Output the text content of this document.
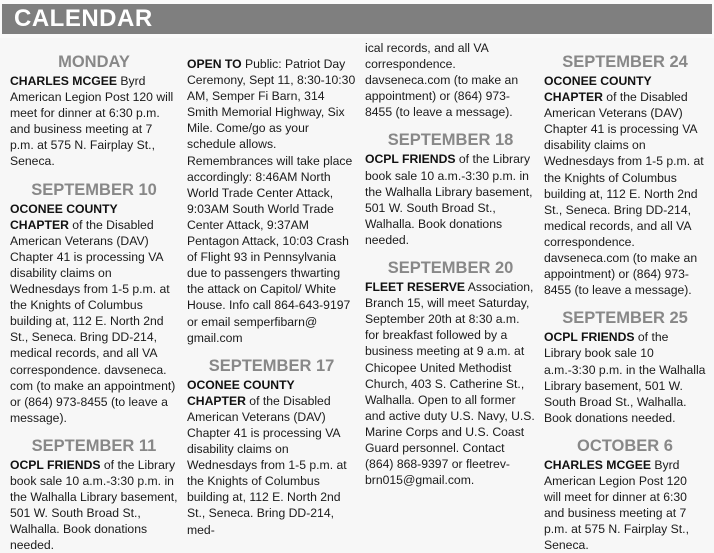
CALENDAR
MONDAY

CHARLES MCGEE Byrd American Legion Post 120 will meet for dinner at 6:30 p.m. and business meeting at 7 p.m. at 575 N. Fairplay St., Seneca.

SEPTEMBER 10

OCONEE COUNTY CHAPTER of the Disabled American Veterans (DAV) Chapter 41 is processing VA disability claims on Wednesdays from 1-5 p.m. at the Knights of Columbus building at, 112 E. North 2nd St., Seneca. Bring DD-214, medical records, and all VA correspondence. davseneca. com (to make an appointment) or (864) 973-8455 (to leave a message).

SEPTEMBER 11

OCPL FRIENDS of the Library book sale 10 a.m.-3:30 p.m. in the Walhalla Library basement, 501 W. South Broad St., Walhalla. Book donations needed.

OPEN TO Public: Patriot Day Ceremony, Sept 11, 8:30-10:30 AM, Semper Fi Barn, 314 Smith Memorial Highway, Six Mile. Come/go as your schedule allows. Remembrances will take place accordingly: 8:46AM North World Trade Center Attack, 9:03AM South World Trade Center Attack, 9:37AM Pentagon Attack, 10:03 Crash of Flight 93 in Pennsylvania due to passengers thwarting the attack on Capitol/ White House. Info call 864-643-9197 or email semperfibarn@ gmail.com

SEPTEMBER 17

OCONEE COUNTY CHAPTER of the Disabled American Veterans (DAV) Chapter 41 is processing VA disability claims on Wednesdays from 1-5 p.m. at the Knights of Columbus building at, 112 E. North 2nd St., Seneca. Bring DD-214, med-

ical records, and all VA correspondence. davseneca.com (to make an appointment) or (864) 973-8455 (to leave a message).

SEPTEMBER 18

OCPL FRIENDS of the Library book sale 10 a.m.-3:30 p.m. in the Walhalla Library basement, 501 W. South Broad St., Walhalla. Book donations needed.

SEPTEMBER 20

FLEET RESERVE Association, Branch 15, will meet Saturday, September 20th at 8:30 a.m. for breakfast followed by a business meeting at 9 a.m. at Chicopee United Methodist Church, 403 S. Catherine St., Walhalla. Open to all former and active duty U.S. Navy, U.S. Marine Corps and U.S. Coast Guard personnel. Contact (864) 868-9397 or fleetrev-brn015@gmail.com.

SEPTEMBER 24

OCONEE COUNTY CHAPTER of the Disabled American Veterans (DAV) Chapter 41 is processing VA disability claims on Wednesdays from 1-5 p.m. at the Knights of Columbus building at, 112 E. North 2nd St., Seneca. Bring DD-214, medical records, and all VA correspondence. davseneca.com (to make an appointment) or (864) 973-8455 (to leave a message).

SEPTEMBER 25

OCPL FRIENDS of the Library book sale 10 a.m.-3:30 p.m. in the Walhalla Library basement, 501 W. South Broad St., Walhalla. Book donations needed.

OCTOBER 6

CHARLES MCGEE Byrd American Legion Post 120 will meet for dinner at 6:30 and business meeting at 7 p.m. at 575 N. Fairplay St., Seneca.
